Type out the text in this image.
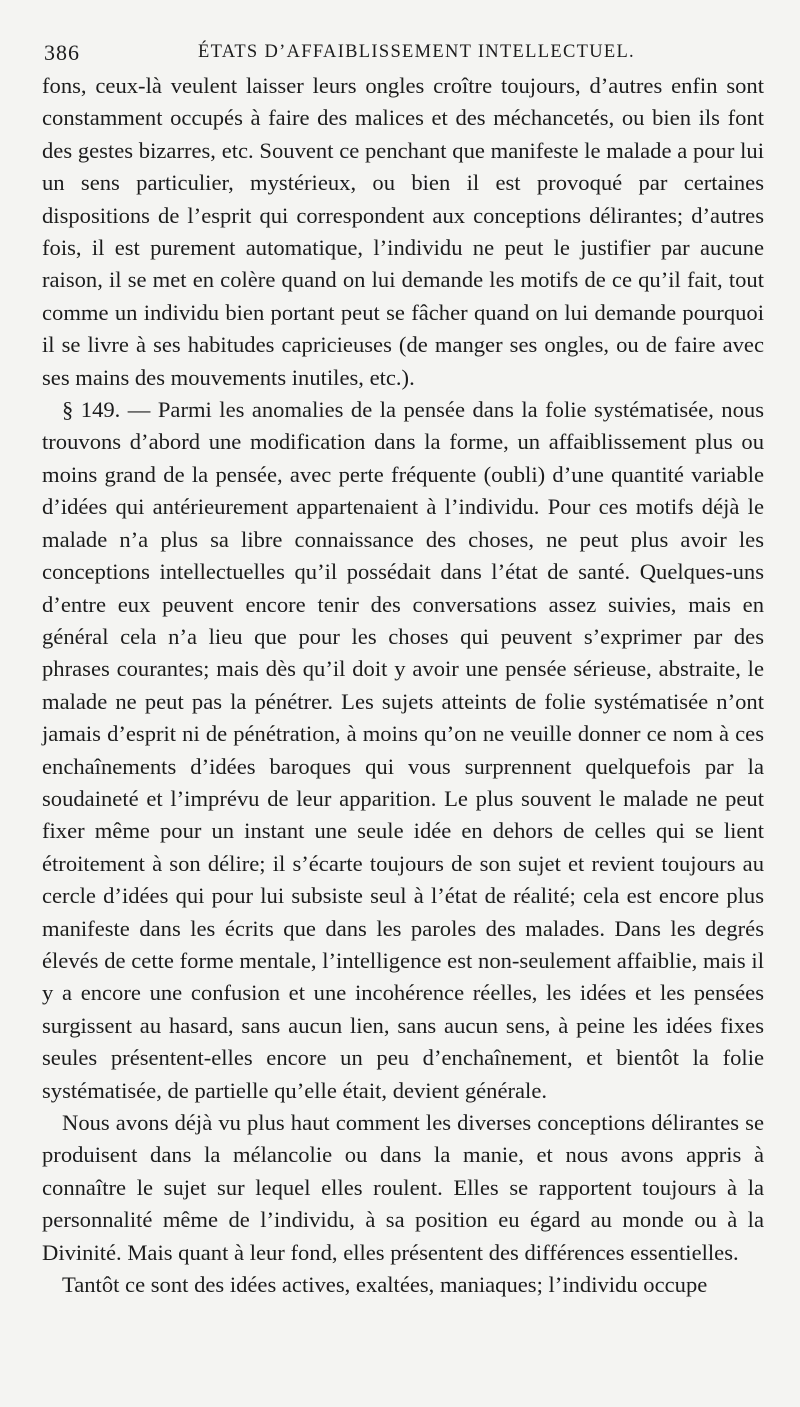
386	ÉTATS D’AFFAIBLISSEMENT INTELLECTUEL.

fons, ceux-là veulent laisser leurs ongles croître toujours, d’autres enfin sont constamment occupés à faire des malices et des méchancetés, ou bien ils font des gestes bizarres, etc. Souvent ce penchant que manifeste le malade a pour lui un sens particulier, mystérieux, ou bien il est provoqué par certaines dispositions de l’esprit qui correspondent aux conceptions délirantes; d’autres fois, il est purement automatique, l’individu ne peut le justifier par aucune raison, il se met en colère quand on lui demande les motifs de ce qu’il fait, tout comme un individu bien portant peut se fâcher quand on lui demande pourquoi il se livre à ses habitudes capricieuses (de manger ses ongles, ou de faire avec ses mains des mouvements inutiles, etc.).

§ 149. — Parmi les anomalies de la pensée dans la folie systématisée, nous trouvons d’abord une modification dans la forme, un affaiblissement plus ou moins grand de la pensée, avec perte fréquente (oubli) d’une quantité variable d’idées qui antérieurement appartenaient à l’individu. Pour ces motifs déjà le malade n’a plus sa libre connaissance des choses, ne peut plus avoir les conceptions intellectuelles qu’il possédait dans l’état de santé. Quelques-uns d’entre eux peuvent encore tenir des conversations assez suivies, mais en général cela n’a lieu que pour les choses qui peuvent s’exprimer par des phrases courantes; mais dès qu’il doit y avoir une pensée sérieuse, abstraite, le malade ne peut pas la pénétrer. Les sujets atteints de folie systématisée n’ont jamais d’esprit ni de pénétration, à moins qu’on ne veuille donner ce nom à ces enchaînements d’idées baroques qui vous surprennent quelquefois par la soudaineté et l’imprévu de leur apparition. Le plus souvent le malade ne peut fixer même pour un instant une seule idée en dehors de celles qui se lient étroitement à son délire; il s’écarte toujours de son sujet et revient toujours au cercle d’idées qui pour lui subsiste seul à l’état de réalité; cela est encore plus manifeste dans les écrits que dans les paroles des malades. Dans les degrés élevés de cette forme mentale, l’intelligence est non-seulement affaiblie, mais il y a encore une confusion et une incohérence réelles, les idées et les pensées surgissent au hasard, sans aucun lien, sans aucun sens, à peine les idées fixes seules présentent-elles encore un peu d’enchaînement, et bientôt la folie systématisée, de partielle qu’elle était, devient générale.

Nous avons déjà vu plus haut comment les diverses conceptions délirantes se produisent dans la mélancolie ou dans la manie, et nous avons appris à connaître le sujet sur lequel elles roulent. Elles se rapportent toujours à la personnalité même de l’individu, à sa position eu égard au monde ou à la Divinité. Mais quant à leur fond, elles présentent des différences essentielles.

Tantôt ce sont des idées actives, exaltées, maniaques; l’individu occupe
